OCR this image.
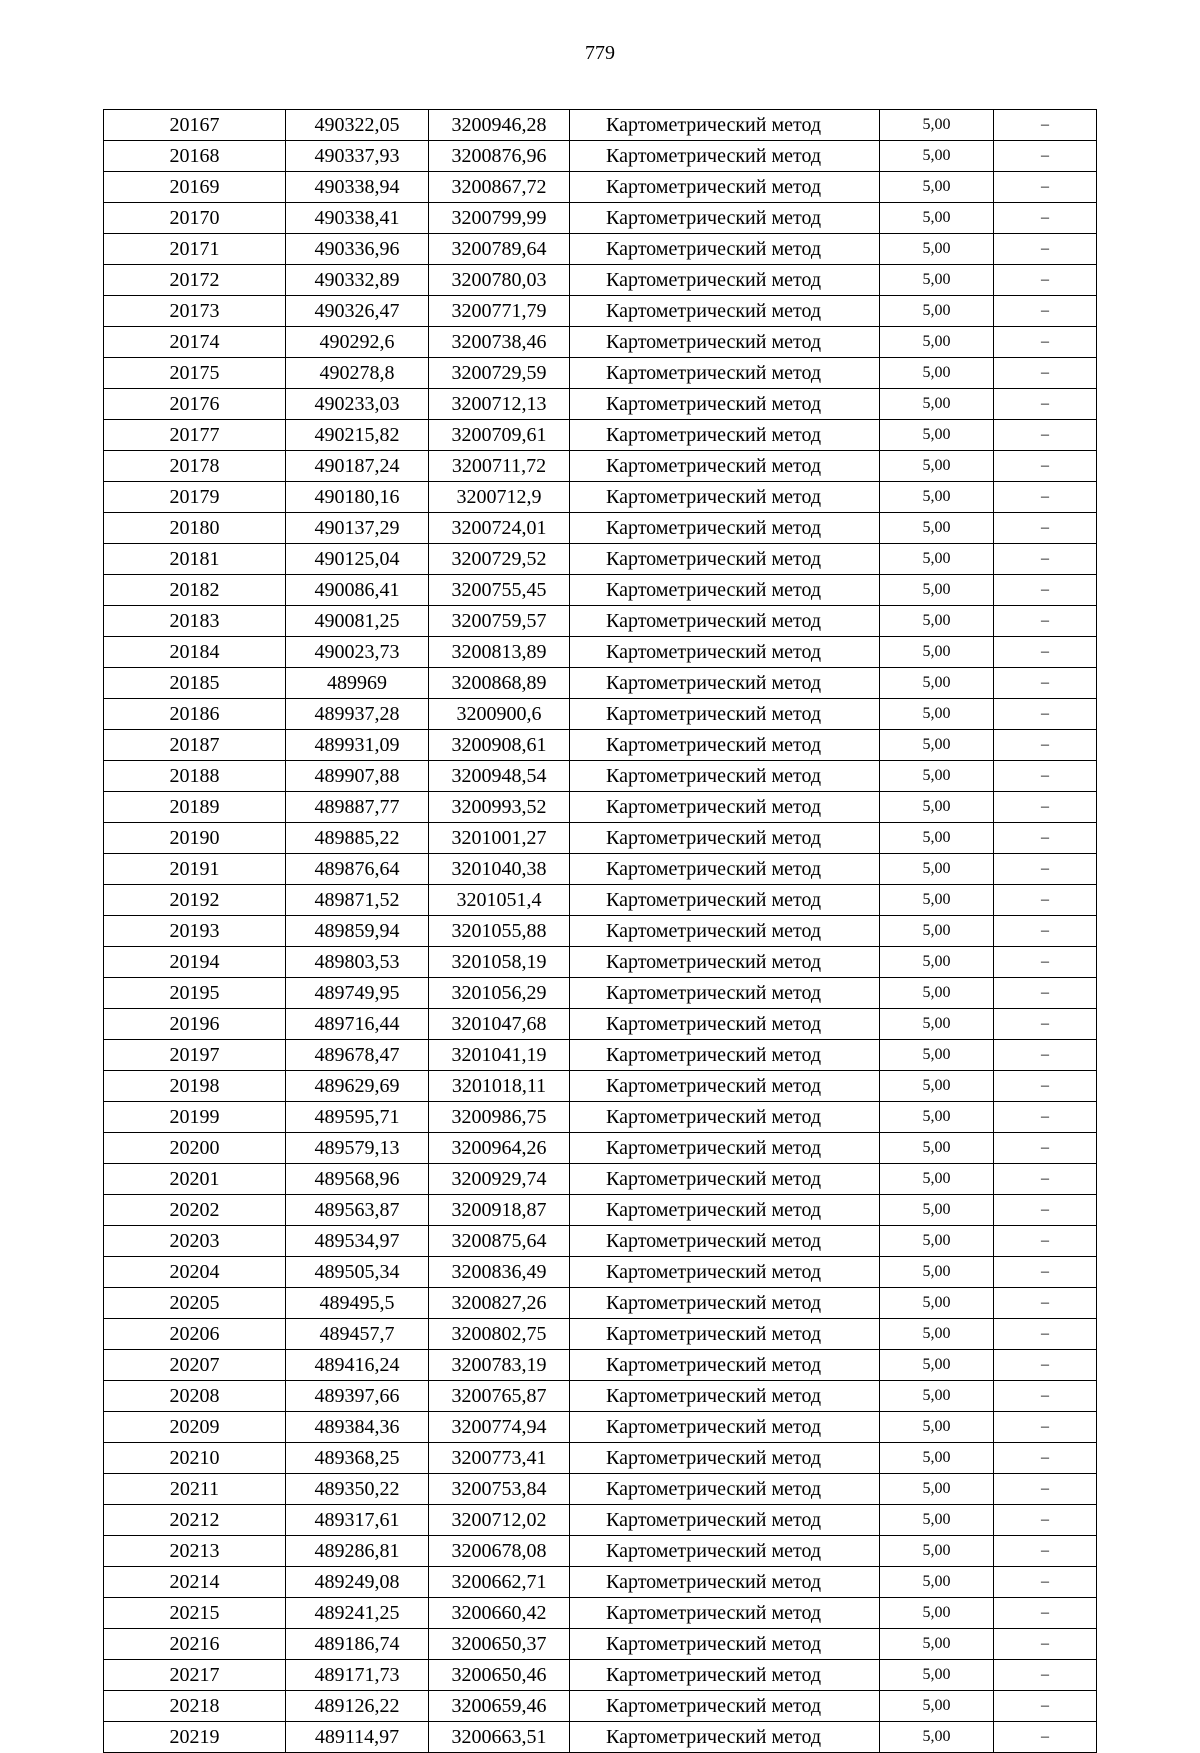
779
20167	490322,05	3200946,28	Картометрический метод	5,00	–
20168	490337,93	3200876,96	Картометрический метод	5,00	–
20169	490338,94	3200867,72	Картометрический метод	5,00	–
20170	490338,41	3200799,99	Картометрический метод	5,00	–
20171	490336,96	3200789,64	Картометрический метод	5,00	–
20172	490332,89	3200780,03	Картометрический метод	5,00	–
20173	490326,47	3200771,79	Картометрический метод	5,00	–
20174	490292,6	3200738,46	Картометрический метод	5,00	–
20175	490278,8	3200729,59	Картометрический метод	5,00	–
20176	490233,03	3200712,13	Картометрический метод	5,00	–
20177	490215,82	3200709,61	Картометрический метод	5,00	–
20178	490187,24	3200711,72	Картометрический метод	5,00	–
20179	490180,16	3200712,9	Картометрический метод	5,00	–
20180	490137,29	3200724,01	Картометрический метод	5,00	–
20181	490125,04	3200729,52	Картометрический метод	5,00	–
20182	490086,41	3200755,45	Картометрический метод	5,00	–
20183	490081,25	3200759,57	Картометрический метод	5,00	–
20184	490023,73	3200813,89	Картометрический метод	5,00	–
20185	489969	3200868,89	Картометрический метод	5,00	–
20186	489937,28	3200900,6	Картометрический метод	5,00	–
20187	489931,09	3200908,61	Картометрический метод	5,00	–
20188	489907,88	3200948,54	Картометрический метод	5,00	–
20189	489887,77	3200993,52	Картометрический метод	5,00	–
20190	489885,22	3201001,27	Картометрический метод	5,00	–
20191	489876,64	3201040,38	Картометрический метод	5,00	–
20192	489871,52	3201051,4	Картометрический метод	5,00	–
20193	489859,94	3201055,88	Картометрический метод	5,00	–
20194	489803,53	3201058,19	Картометрический метод	5,00	–
20195	489749,95	3201056,29	Картометрический метод	5,00	–
20196	489716,44	3201047,68	Картометрический метод	5,00	–
20197	489678,47	3201041,19	Картометрический метод	5,00	–
20198	489629,69	3201018,11	Картометрический метод	5,00	–
20199	489595,71	3200986,75	Картометрический метод	5,00	–
20200	489579,13	3200964,26	Картометрический метод	5,00	–
20201	489568,96	3200929,74	Картометрический метод	5,00	–
20202	489563,87	3200918,87	Картометрический метод	5,00	–
20203	489534,97	3200875,64	Картометрический метод	5,00	–
20204	489505,34	3200836,49	Картометрический метод	5,00	–
20205	489495,5	3200827,26	Картометрический метод	5,00	–
20206	489457,7	3200802,75	Картометрический метод	5,00	–
20207	489416,24	3200783,19	Картометрический метод	5,00	–
20208	489397,66	3200765,87	Картометрический метод	5,00	–
20209	489384,36	3200774,94	Картометрический метод	5,00	–
20210	489368,25	3200773,41	Картометрический метод	5,00	–
20211	489350,22	3200753,84	Картометрический метод	5,00	–
20212	489317,61	3200712,02	Картометрический метод	5,00	–
20213	489286,81	3200678,08	Картометрический метод	5,00	–
20214	489249,08	3200662,71	Картометрический метод	5,00	–
20215	489241,25	3200660,42	Картометрический метод	5,00	–
20216	489186,74	3200650,37	Картометрический метод	5,00	–
20217	489171,73	3200650,46	Картометрический метод	5,00	–
20218	489126,22	3200659,46	Картометрический метод	5,00	–
20219	489114,97	3200663,51	Картометрический метод	5,00	–
